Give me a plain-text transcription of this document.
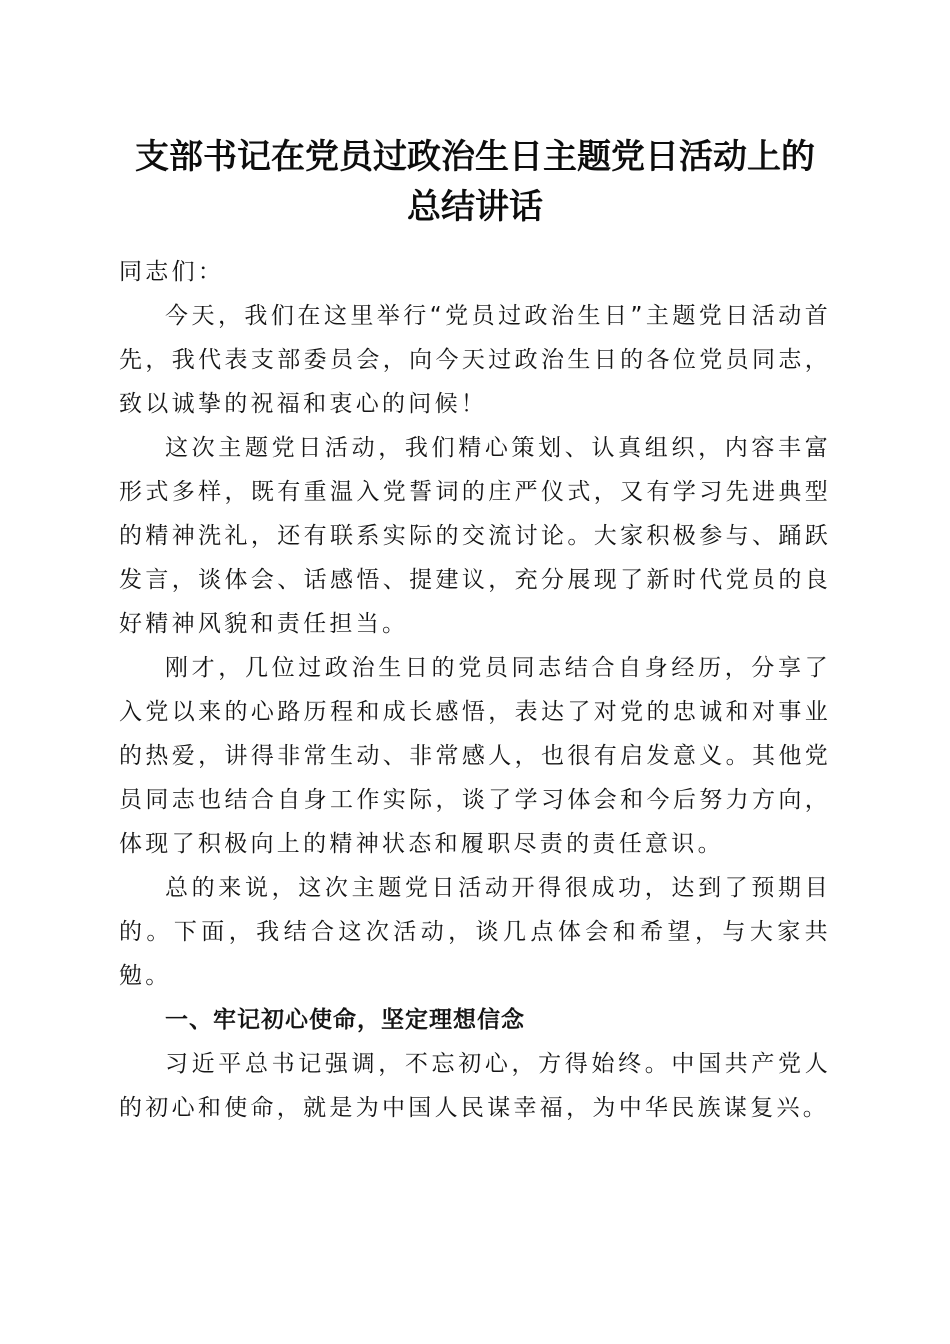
支部书记在党员过政治生日主题党日活动上的
总结讲话

同志们：

今天，我们在这里举行“党员过政治生日”主题党日活动首先，我代表支部委员会，向今天过政治生日的各位党员同志，致以诚挚的祝福和衷心的问候！

这次主题党日活动，我们精心策划、认真组织，内容丰富形式多样，既有重温入党誓词的庄严仪式，又有学习先进典型的精神洗礼，还有联系实际的交流讨论。大家积极参与、踊跃发言，谈体会、话感悟、提建议，充分展现了新时代党员的良好精神风貌和责任担当。

刚才，几位过政治生日的党员同志结合自身经历，分享了入党以来的心路历程和成长感悟，表达了对党的忠诚和对事业的热爱，讲得非常生动、非常感人，也很有启发意义。其他党员同志也结合自身工作实际，谈了学习体会和今后努力方向，体现了积极向上的精神状态和履职尽责的责任意识。

总的来说，这次主题党日活动开得很成功，达到了预期目的。下面，我结合这次活动，谈几点体会和希望，与大家共勉。

一、牢记初心使命，坚定理想信念

习近平总书记强调，不忘初心，方得始终。中国共产党人的初心和使命，就是为中国人民谋幸福，为中华民族谋复兴。
